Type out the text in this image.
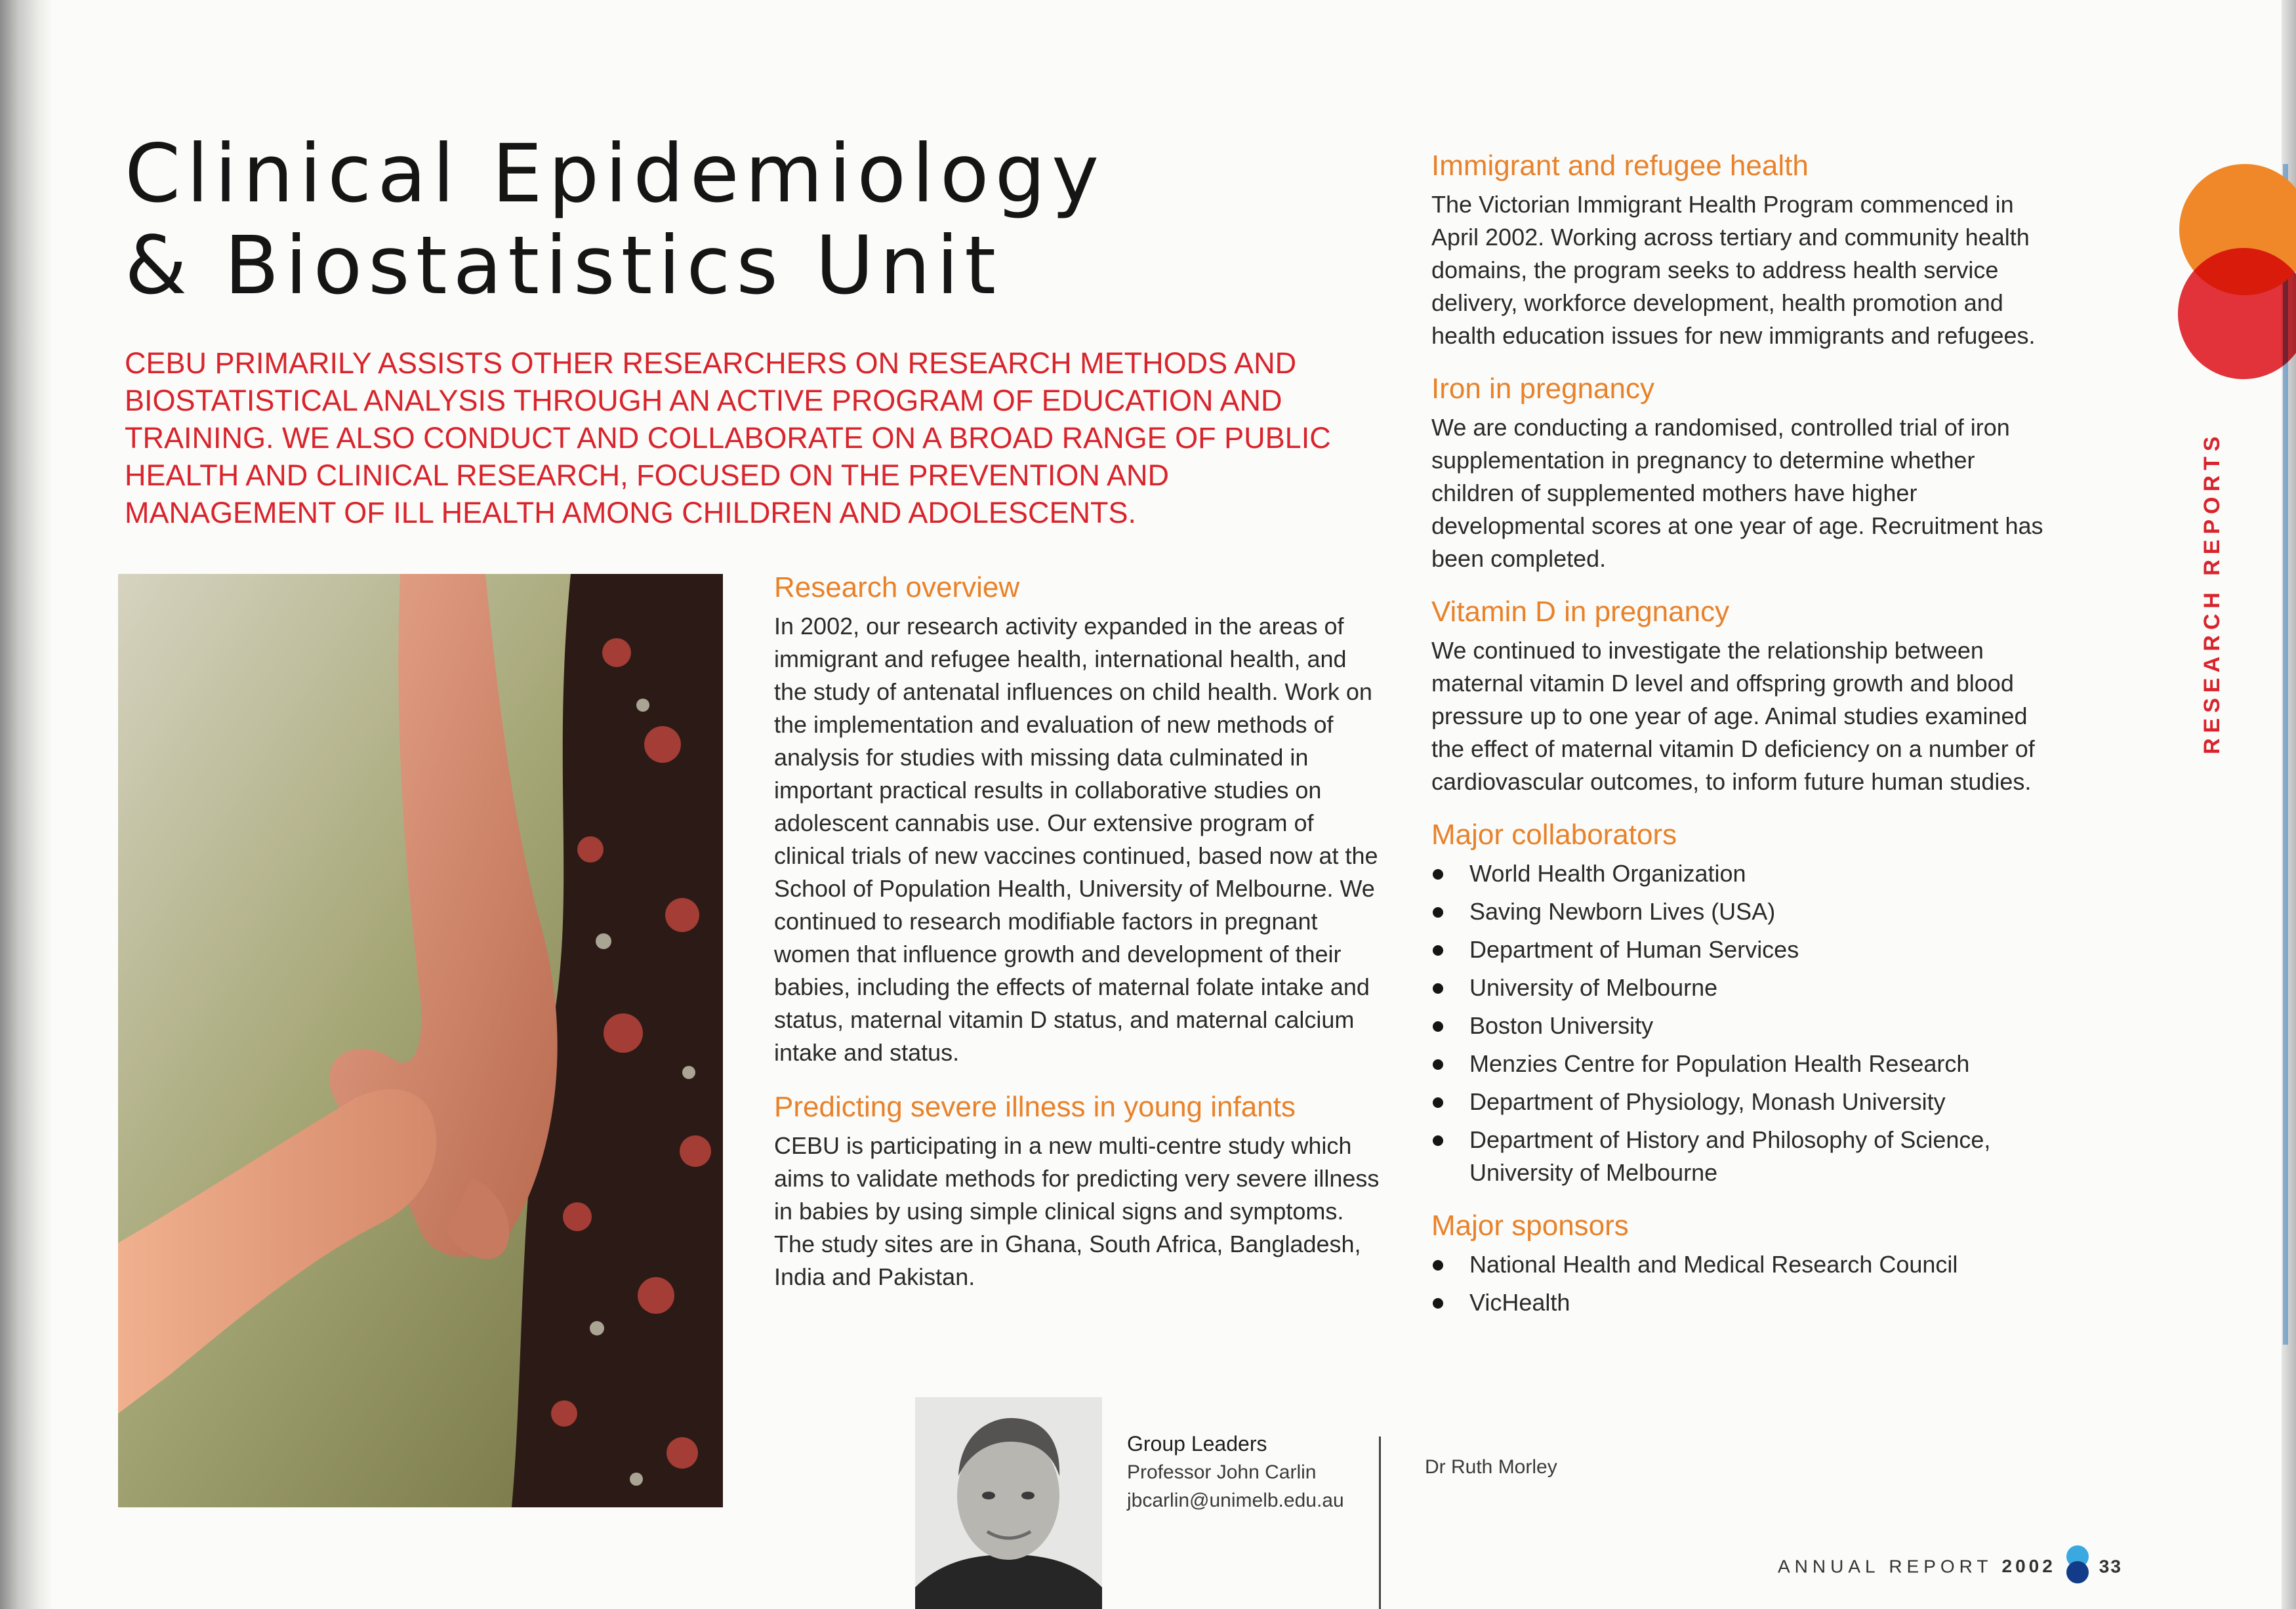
Clinical Epidemiology
& Biostatistics Unit

CEBU PRIMARILY ASSISTS OTHER RESEARCHERS ON RESEARCH METHODS AND BIOSTATISTICAL ANALYSIS THROUGH AN ACTIVE PROGRAM OF EDUCATION AND TRAINING. WE ALSO CONDUCT AND COLLABORATE ON A BROAD RANGE OF PUBLIC HEALTH AND CLINICAL RESEARCH, FOCUSED ON THE PREVENTION AND MANAGEMENT OF ILL HEALTH AMONG CHILDREN AND ADOLESCENTS.

Research overview

In 2002, our research activity expanded in the areas of immigrant and refugee health, international health, and the study of antenatal influences on child health. Work on the implementation and evaluation of new methods of analysis for studies with missing data culminated in important practical results in collaborative studies on adolescent cannabis use. Our extensive program of clinical trials of new vaccines continued, based now at the School of Population Health, University of Melbourne. We continued to research modifiable factors in pregnant women that influence growth and development of their babies, including the effects of maternal folate intake and status, maternal vitamin D status, and maternal calcium intake and status.

Predicting severe illness in young infants

CEBU is participating in a new multi-centre study which aims to validate methods for predicting very severe illness in babies by using simple clinical signs and symptoms. The study sites are in Ghana, South Africa, Bangladesh, India and Pakistan.

Immigrant and refugee health

The Victorian Immigrant Health Program commenced in April 2002. Working across tertiary and community health domains, the program seeks to address health service delivery, workforce development, health promotion and health education issues for new immigrants and refugees.

Iron in pregnancy

We are conducting a randomised, controlled trial of iron supplementation in pregnancy to determine whether children of supplemented mothers have higher developmental scores at one year of age. Recruitment has been completed.

Vitamin D in pregnancy

We continued to investigate the relationship between maternal vitamin D level and offspring growth and blood pressure up to one year of age. Animal studies examined the effect of maternal vitamin D deficiency on a number of cardiovascular outcomes, to inform future human studies.

Major collaborators
World Health Organization
Saving Newborn Lives (USA)
Department of Human Services
University of Melbourne
Boston University
Menzies Centre for Population Health Research
Department of Physiology, Monash University
Department of History and Philosophy of Science, University of Melbourne
Major sponsors
National Health and Medical Research Council
VicHealth
Group Leaders
Professor John Carlin
jbcarlin@unimelb.edu.au
Dr Ruth Morley
RESEARCH REPORTS
ANNUAL REPORT 2002 33
